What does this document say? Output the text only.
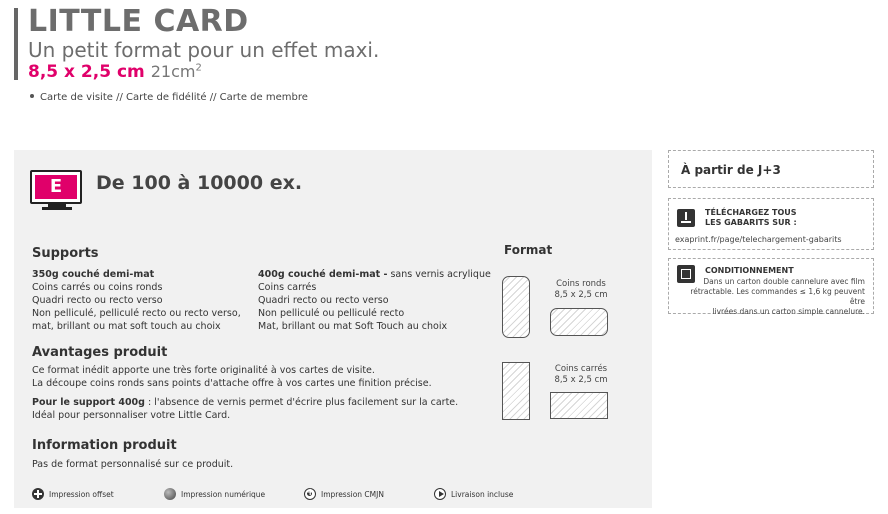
LITTLE CARD
Un petit format pour un effet maxi.
8,5 x 2,5 cm $21cm^2$
Carte de visite // Carte de fidélité // Carte de membre
E	De 100 à 10000 ex.
Supports
350g couché demi-mat
Coins carrés ou coins ronds
Quadri recto ou recto verso
Non pelliculé, pelliculé recto ou recto verso,
mat, brillant ou mat soft touch au choix
400g couché demi-mat - sans vernis acrylique
Coins carrés
Quadri recto ou recto verso
Non pelliculé ou pelliculé recto
Mat, brillant ou mat Soft Touch au choix
Avantages produit
Ce format inédit apporte une très forte originalité à vos cartes de visite.
La découpe coins ronds sans points d'attache offre à vos cartes une finition précise.
Pour le support 400g : l'absence de vernis permet d'écrire plus facilement sur la carte.
Idéal pour personnaliser votre Little Card.
Information produit
Pas de format personnalisé sur ce produit.
Format
Coins ronds
8,5 x 2,5 cm
Coins carrés
8,5 x 2,5 cm
Impression offset	Impression numérique
+	Impression CMJN	Livraison incluse
À partir de J+3
TÉLÉCHARGEZ TOUS
LES GABARITS SUR :
exaprint.fr/page/telechargement-gabarits
CONDITIONNEMENT
Dans un carton double cannelure avec film
rétractable. Les commandes ≤ 1,6 kg peuvent être
livrées dans un carton simple cannelure.
